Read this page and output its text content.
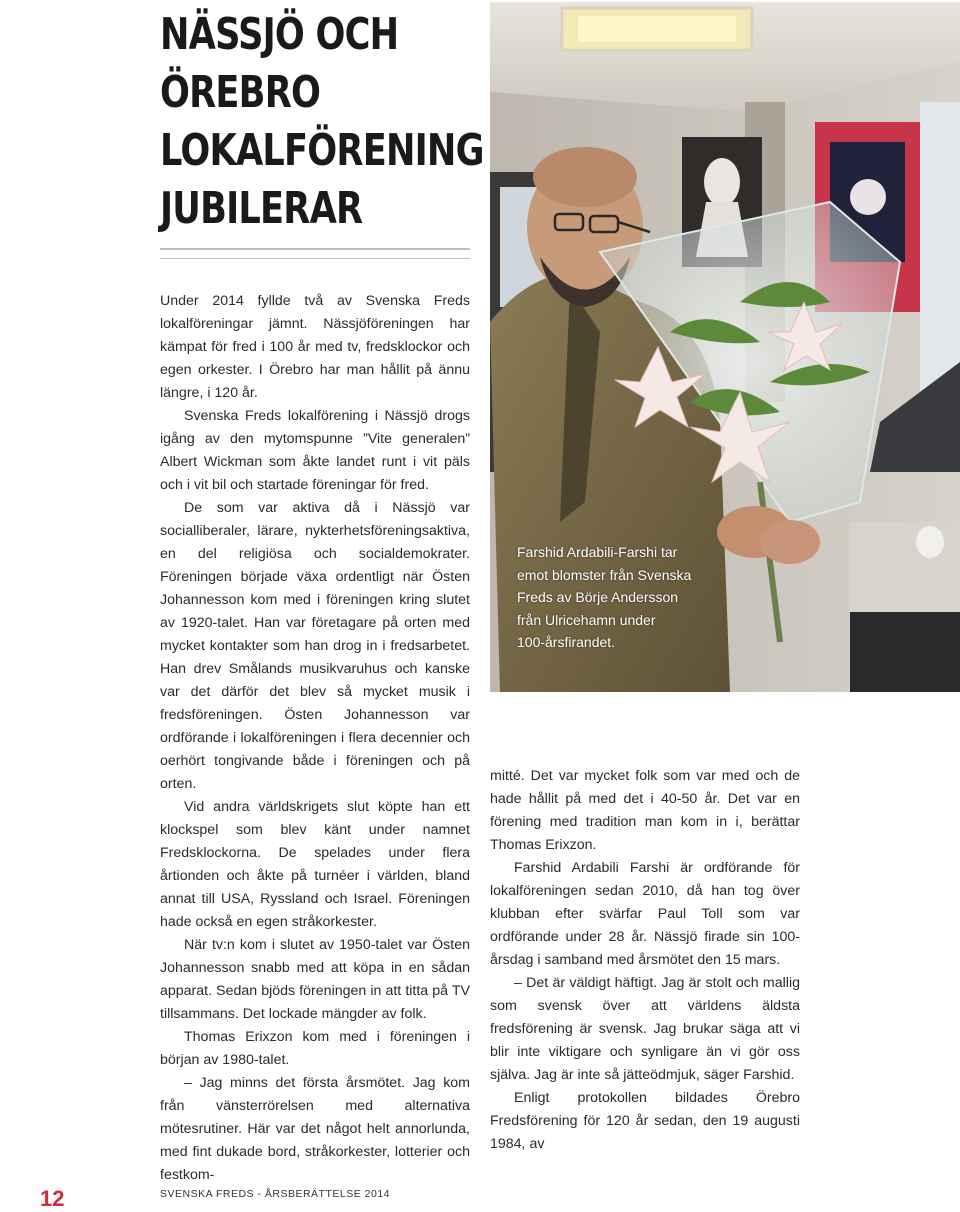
NÄSSJÖ OCH
ÖREBRO
LOKALFÖRENING
JUBILERAR

Under 2014 fyllde två av Svenska Freds lokalföreningar jämnt. Nässjöföreningen har kämpat för fred i 100 år med tv, fredsklockor och egen orkester. I Örebro har man hållit på ännu längre, i 120 år.

Svenska Freds lokalförening i Nässjö drogs igång av den mytomspunne ”Vite generalen” Albert Wickman som åkte landet runt i vit päls och i vit bil och startade föreningar för fred.

De som var aktiva då i Nässjö var socialliberaler, lärare, nykterhetsföreningsaktiva, en del religiösa och socialdemokrater. Föreningen började växa ordentligt när Östen Johannesson kom med i föreningen kring slutet av 1920-talet. Han var företagare på orten med mycket kontakter som han drog in i fredsarbetet. Han drev Smålands musikvaruhus och kanske var det därför det blev så mycket musik i fredsföreningen. Östen Johannesson var ordförande i lokalföreningen i flera decennier och oerhört tongivande både i föreningen och på orten.

Vid andra världskrigets slut köpte han ett klockspel som blev känt under namnet Fredsklockorna. De spelades under flera årtionden och åkte på turnéer i världen, bland annat till USA, Ryssland och Israel. Föreningen hade också en egen stråkorkester.

När tv:n kom i slutet av 1950-talet var Östen Johannesson snabb med att köpa in en sådan apparat. Sedan bjöds föreningen in att titta på TV tillsammans. Det lockade mängder av folk.

Thomas Erixzon kom med i föreningen i början av 1980-talet.

– Jag minns det första årsmötet. Jag kom från vänsterrörelsen med alternativa mötesrutiner. Här var det något helt annorlunda, med fint dukade bord, stråkorkester, lotterier och festkom-

Farshid Ardabili-Farshi tar
emot blomster från Svenska
Freds av Börje Andersson
från Ulricehamn under
100-årsfirandet.

mitté. Det var mycket folk som var med och de hade hållit på med det i 40-50 år. Det var en förening med tradition man kom in i, berättar Thomas Erixzon.

Farshid Ardabili Farshi är ordförande för lokalföreningen sedan 2010, då han tog över klubban efter svärfar Paul Toll som var ordförande under 28 år. Nässjö firade sin 100-årsdag i samband med årsmötet den 15 mars.

– Det är väldigt häftigt. Jag är stolt och mallig som svensk över att världens äldsta fredsförening är svensk. Jag brukar säga att vi blir inte viktigare och synligare än vi gör oss själva. Jag är inte så jätteödmjuk, säger Farshid.

Enligt protokollen bildades Örebro Fredsförening för 120 år sedan, den 19 augusti 1984, av

12	SVENSKA FREDS - ÅRSBERÄTTELSE 2014
